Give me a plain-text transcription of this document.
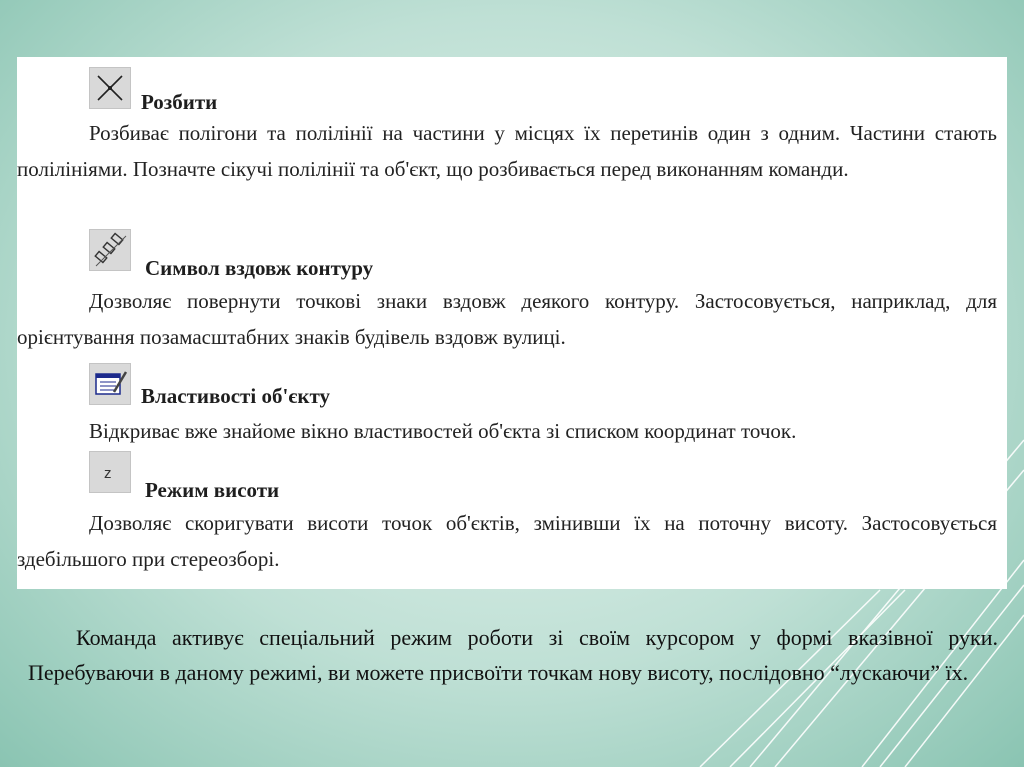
Розбити

Розбиває полігони та полілінії на частини у місцях їх перетинів один з одним. Частини стають полілініями. Позначте сікучі полілінії та об'єкт, що розбивається перед виконанням команди.

Символ вздовж контуру

Дозволяє повернути точкові знаки вздовж деякого контуру. Застосовується, наприклад, для орієнтування позамасштабних знаків будівель вздовж вулиці.

Властивості об'єкту

Відкриває вже знайоме вікно властивостей об'єкта зі списком координат точок.

z
Режим висоти

Дозволяє скоригувати висоти точок об'єктів, змінивши їх на поточну висоту. Застосовується здебільшого при стереозборі.

Команда активує спеціальний режим роботи зі своїм курсором у формі вказівної руки. Перебуваючи в даному режимі, ви можете присвоїти точкам нову висоту, послідовно “лускаючи” їх.
